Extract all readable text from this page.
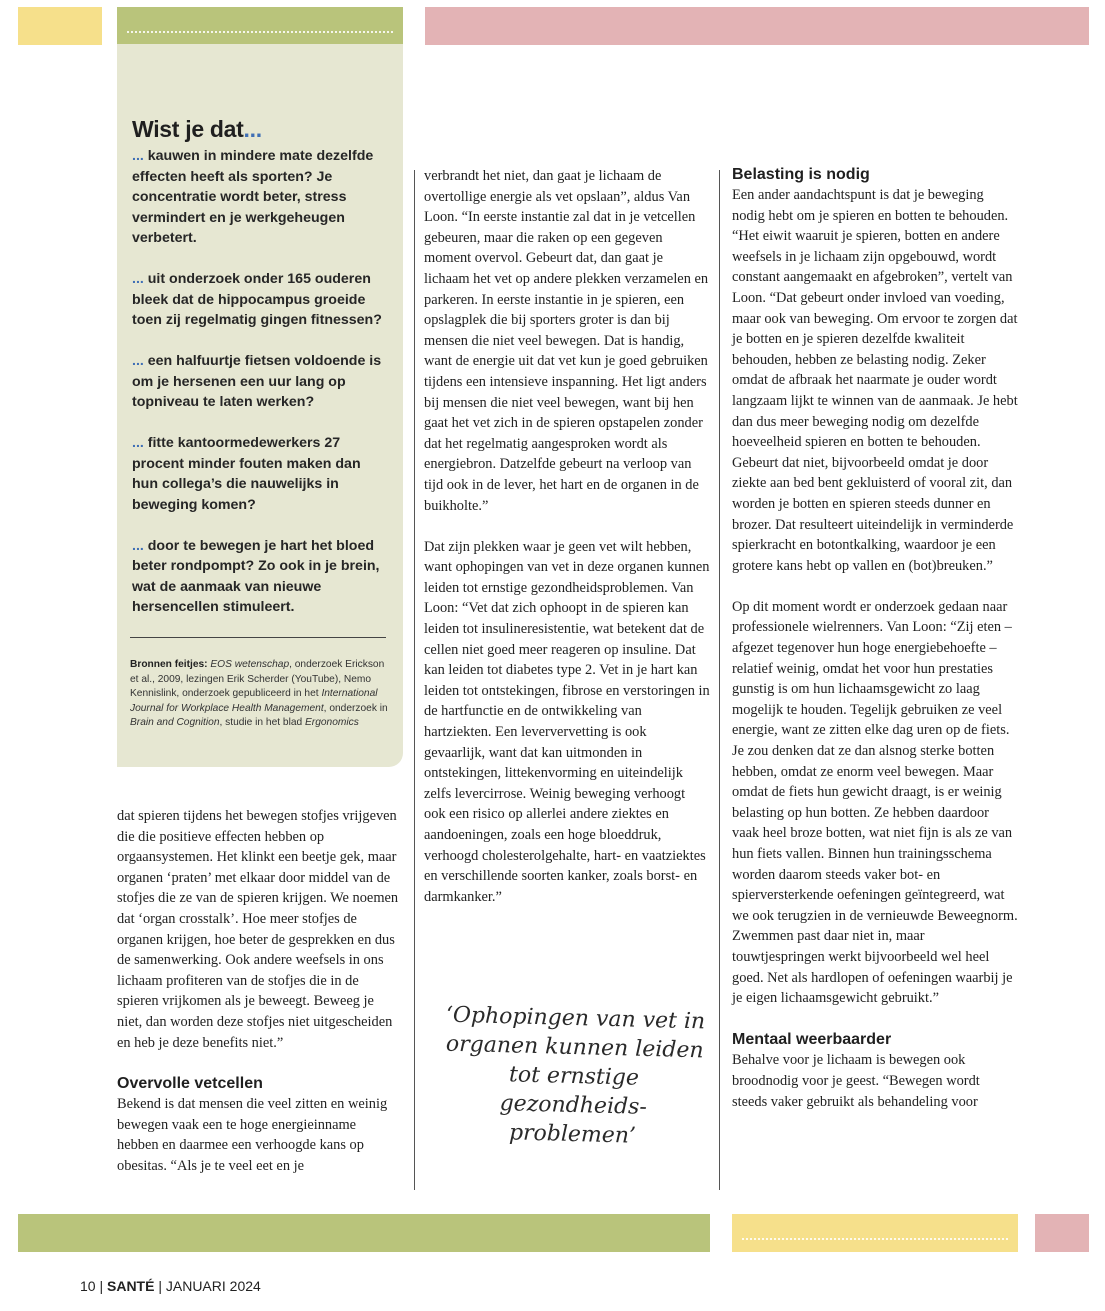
Wist je dat...

... kauwen in mindere mate dezelfde effecten heeft als sporten? Je concentratie wordt beter, stress vermindert en je werkgeheugen verbetert.

... uit onderzoek onder 165 ouderen bleek dat de hippocampus groeide toen zij regelmatig gingen fitnessen?

... een halfuurtje fietsen voldoende is om je hersenen een uur lang op topniveau te laten werken?

... fitte kantoormedewerkers 27 procent minder fouten maken dan hun collega’s die nauwelijks in beweging komen?

... door te bewegen je hart het bloed beter rondpompt? Zo ook in je brein, wat de aanmaak van nieuwe hersencellen stimuleert.

Bronnen feitjes: EOS wetenschap, onderzoek Erickson et al., 2009, lezingen Erik Scherder (YouTube), Nemo Kennislink, onderzoek gepubliceerd in het International Journal for Workplace Health Management, onderzoek in Brain and Cognition, studie in het blad Ergonomics

dat spieren tijdens het bewegen stofjes vrijgeven die die positieve effecten hebben op orgaansystemen. Het klinkt een beetje gek, maar organen ‘praten’ met elkaar door middel van de stofjes die ze van de spieren krijgen. We noemen dat ‘organ crosstalk’. Hoe meer stofjes de organen krijgen, hoe beter de gesprekken en dus de samenwerking. Ook andere weefsels in ons lichaam profiteren van de stofjes die in de spieren vrijkomen als je beweegt. Beweeg je niet, dan worden deze stofjes niet uitgescheiden en heb je deze benefits niet.”

Overvolle vetcellen

Bekend is dat mensen die veel zitten en weinig bewegen vaak een te hoge energieinname hebben en daarmee een verhoogde kans op obesitas. “Als je te veel eet en je

verbrandt het niet, dan gaat je lichaam de overtollige energie als vet opslaan”, aldus Van Loon. “In eerste instantie zal dat in je vetcellen gebeuren, maar die raken op een gegeven moment overvol. Gebeurt dat, dan gaat je lichaam het vet op andere plekken verzamelen en parkeren. In eerste instantie in je spieren, een opslagplek die bij sporters groter is dan bij mensen die niet veel bewegen. Dat is handig, want de energie uit dat vet kun je goed gebruiken tijdens een intensieve inspanning. Het ligt anders bij mensen die niet veel bewegen, want bij hen gaat het vet zich in de spieren opstapelen zonder dat het regelmatig aangesproken wordt als energiebron. Datzelfde gebeurt na verloop van tijd ook in de lever, het hart en de organen in de buikholte.”

Dat zijn plekken waar je geen vet wilt hebben, want ophopingen van vet in deze organen kunnen leiden tot ernstige gezondheidsproblemen. Van Loon: “Vet dat zich ophoopt in de spieren kan leiden tot insulineresistentie, wat betekent dat de cellen niet goed meer reageren op insuline. Dat kan leiden tot diabetes type 2. Vet in je hart kan leiden tot ontstekingen, fibrose en verstoringen in de hartfunctie en de ontwikkeling van hartziekten. Een leververvetting is ook gevaarlijk, want dat kan uitmonden in ontstekingen, littekenvorming en uiteindelijk zelfs levercirrose. Weinig beweging verhoogt ook een risico op allerlei andere ziektes en aandoeningen, zoals een hoge bloeddruk, verhoogd cholesterolgehalte, hart- en vaatziektes en verschillende soorten kanker, zoals borst- en darmkanker.”

‘Ophopingen van vet in organen kunnen leiden tot ernstige gezondheidsproblemen’
Belasting is nodig

Een ander aandachtspunt is dat je beweging nodig hebt om je spieren en botten te behouden. “Het eiwit waaruit je spieren, botten en andere weefsels in je lichaam zijn opgebouwd, wordt constant aangemaakt en afgebroken”, vertelt van Loon. “Dat gebeurt onder invloed van voeding, maar ook van beweging. Om ervoor te zorgen dat je botten en je spieren dezelfde kwaliteit behouden, hebben ze belasting nodig. Zeker omdat de afbraak het naarmate je ouder wordt langzaam lijkt te winnen van de aanmaak. Je hebt dan dus meer beweging nodig om dezelfde hoeveelheid spieren en botten te behouden. Gebeurt dat niet, bijvoorbeeld omdat je door ziekte aan bed bent gekluisterd of vooral zit, dan worden je botten en spieren steeds dunner en brozer. Dat resulteert uiteindelijk in verminderde spierkracht en botontkalking, waardoor je een grotere kans hebt op vallen en (bot)breuken.”

Op dit moment wordt er onderzoek gedaan naar professionele wielrenners. Van Loon: “Zij eten – afgezet tegenover hun hoge energiebehoefte – relatief weinig, omdat het voor hun prestaties gunstig is om hun lichaamsgewicht zo laag mogelijk te houden. Tegelijk gebruiken ze veel energie, want ze zitten elke dag uren op de fiets. Je zou denken dat ze dan alsnog sterke botten hebben, omdat ze enorm veel bewegen. Maar omdat de fiets hun gewicht draagt, is er weinig belasting op hun botten. Ze hebben daardoor vaak heel broze botten, wat niet fijn is als ze van hun fiets vallen. Binnen hun trainingsschema worden daarom steeds vaker bot- en spierversterkende oefeningen geïntegreerd, wat we ook terugzien in de vernieuwde Beweegnorm. Zwemmen past daar niet in, maar touwtjespringen werkt bijvoorbeeld wel heel goed. Net als hardlopen of oefeningen waarbij je je eigen lichaamsgewicht gebruikt.”

Mentaal weerbaarder

Behalve voor je lichaam is bewegen ook broodnodig voor je geest. “Bewegen wordt steeds vaker gebruikt als behandeling voor

10 | SANTÉ | JANUARI 2024
